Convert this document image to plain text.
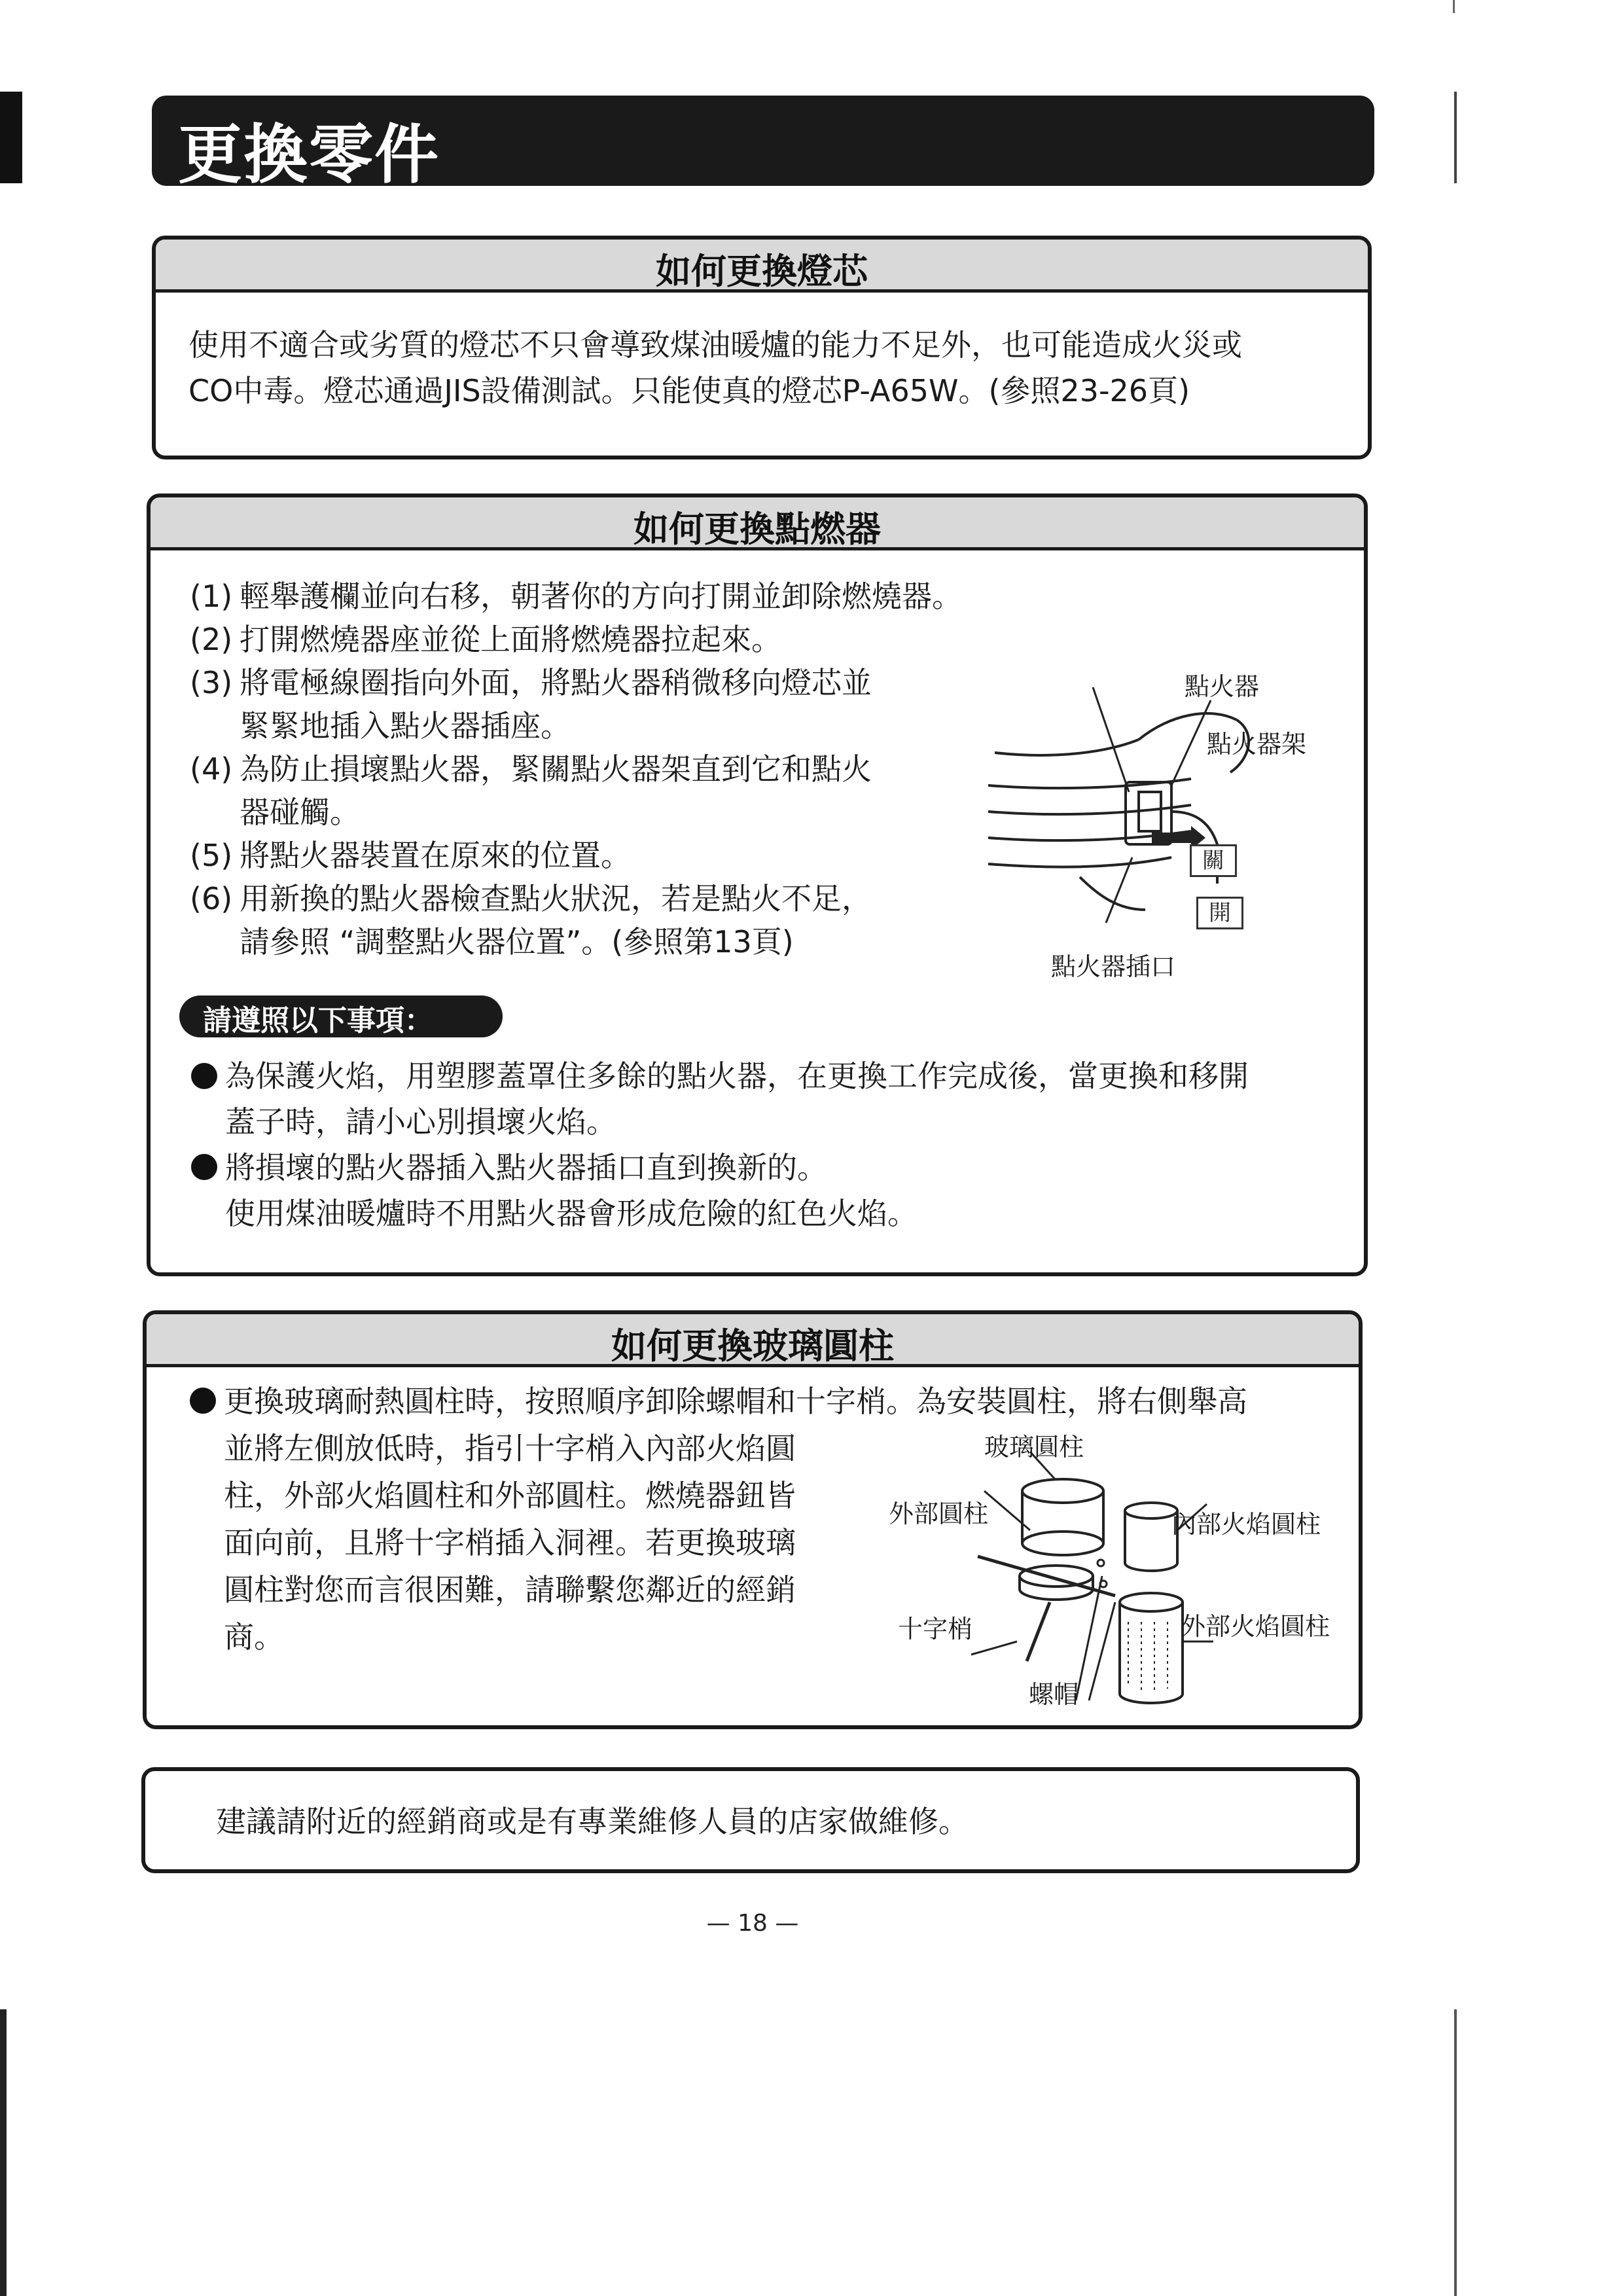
更換零件
如何更換燈芯
使用不適合或劣質的燈芯不只會導致煤油暖爐的能力不足外，也可能造成火災或
CO中毒。燈芯通過JIS設備測試。只能使真的燈芯P-A65W。(參照23-26頁)
如何更換點燃器
(1) 輕舉護欄並向右移，朝著你的方向打開並卸除燃燒器。
(2) 打開燃燒器座並從上面將燃燒器拉起來。
(3) 將電極線圈指向外面，將點火器稍微移向燈芯並
緊緊地插入點火器插座。
(4) 為防止損壞點火器，緊關點火器架直到它和點火
器碰觸。
(5) 將點火器裝置在原來的位置。
(6) 用新換的點火器檢查點火狀況，若是點火不足，
請參照 “調整點火器位置”。(參照第13頁)
點火器
點火器架
關
開
點火器插口
請遵照以下事項：
為保護火焰，用塑膠蓋罩住多餘的點火器，在更換工作完成後，當更換和移開
蓋子時，請小心別損壞火焰。
將損壞的點火器插入點火器插口直到換新的。
使用煤油暖爐時不用點火器會形成危險的紅色火焰。
如何更換玻璃圓柱
更換玻璃耐熱圓柱時，按照順序卸除螺帽和十字梢。為安裝圓柱，將右側舉高
並將左側放低時，指引十字梢入內部火焰圓
柱，外部火焰圓柱和外部圓柱。燃燒器鈕皆
面向前，且將十字梢插入洞裡。若更換玻璃
圓柱對您而言很困難，請聯繫您鄰近的經銷
商。
玻璃圓柱
外部圓柱	內部火焰圓柱
十字梢	外部火焰圓柱
螺帽
建議請附近的經銷商或是有專業維修人員的店家做維修。
— 18 —
